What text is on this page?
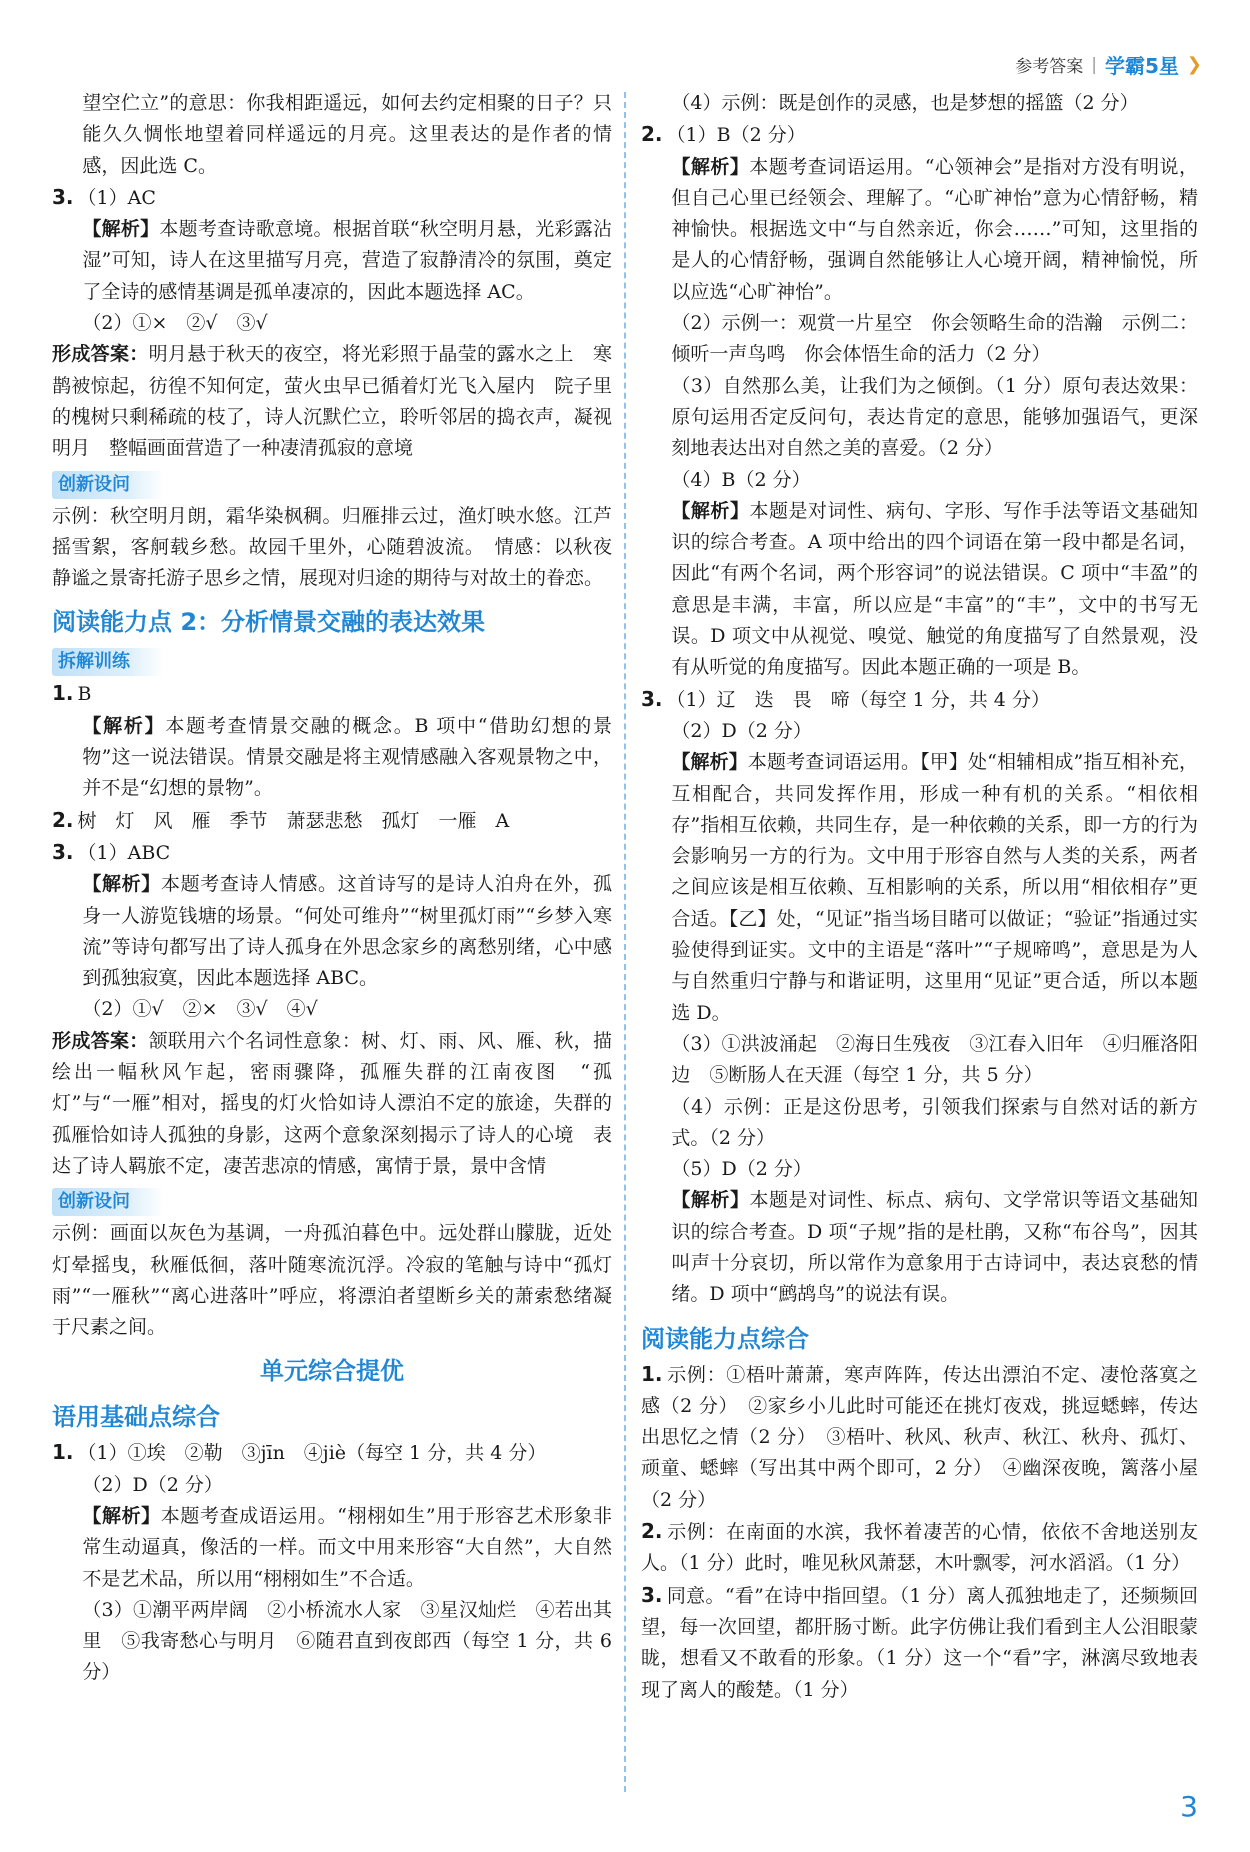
参考答案 | 学霸5星 ❯

望空伫立”的意思：你我相距遥远，如何去约定相聚的日子？只能久久惆怅地望着同样遥远的月亮。这里表达的是作者的情感，因此选 C。

3. （1）AC

【解析】本题考查诗歌意境。根据首联“秋空明月悬，光彩露沾湿”可知，诗人在这里描写月亮，营造了寂静清冷的氛围，奠定了全诗的感情基调是孤单凄凉的，因此本题选择 AC。

（2）①×　②√　③√

形成答案：明月悬于秋天的夜空，将光彩照于晶莹的露水之上　寒鹊被惊起，彷徨不知何定，萤火虫早已循着灯光飞入屋内　院子里的槐树只剩稀疏的枝了，诗人沉默伫立，聆听邻居的捣衣声，凝视明月　整幅画面营造了一种凄清孤寂的意境

创新设问

示例：秋空明月朗，霜华染枫稠。归雁排云过，渔灯映水悠。江芦摇雪絮，客舸载乡愁。故园千里外，心随碧波流。　情感：以秋夜静谧之景寄托游子思乡之情，展现对归途的期待与对故土的眷恋。

阅读能力点 2：分析情景交融的表达效果
拆解训练

1. B

【解析】本题考查情景交融的概念。B 项中“借助幻想的景物”这一说法错误。情景交融是将主观情感融入客观景物之中，并不是“幻想的景物”。

2. 树　灯　风　雁　季节　萧瑟悲愁　孤灯　一雁　A

3. （1）ABC

【解析】本题考查诗人情感。这首诗写的是诗人泊舟在外，孤身一人游览钱塘的场景。“何处可维舟”“树里孤灯雨”“乡梦入寒流”等诗句都写出了诗人孤身在外思念家乡的离愁别绪，心中感到孤独寂寞，因此本题选择 ABC。

（2）①√　②×　③√　④√

形成答案：颔联用六个名词性意象：树、灯、雨、风、雁、秋，描绘出一幅秋风乍起，密雨骤降，孤雁失群的江南夜图　“孤灯”与“一雁”相对，摇曳的灯火恰如诗人漂泊不定的旅途，失群的孤雁恰如诗人孤独的身影，这两个意象深刻揭示了诗人的心境　表达了诗人羁旅不定，凄苦悲凉的情感，寓情于景，景中含情

创新设问

示例：画面以灰色为基调，一舟孤泊暮色中。远处群山朦胧，近处灯晕摇曳，秋雁低徊，落叶随寒流沉浮。冷寂的笔触与诗中“孤灯雨”“一雁秋”“离心进落叶”呼应，将漂泊者望断乡关的萧索愁绪凝于尺素之间。

单元综合提优
语用基础点综合

1. （1）①埃　②勒　③jīn　④jiè（每空 1 分，共 4 分）

（2）D（2 分）

【解析】本题考查成语运用。“栩栩如生”用于形容艺术形象非常生动逼真，像活的一样。而文中用来形容“大自然”，大自然不是艺术品，所以用“栩栩如生”不合适。

（3）①潮平两岸阔　②小桥流水人家　③星汉灿烂　④若出其里　⑤我寄愁心与明月　⑥随君直到夜郎西（每空 1 分，共 6 分）

（4）示例：既是创作的灵感，也是梦想的摇篮（2 分）

2. （1）B（2 分）

【解析】本题考查词语运用。“心领神会”是指对方没有明说，但自己心里已经领会、理解了。“心旷神怡”意为心情舒畅，精神愉快。根据选文中“与自然亲近，你会……”可知，这里指的是人的心情舒畅，强调自然能够让人心境开阔，精神愉悦，所以应选“心旷神怡”。

（2）示例一：观赏一片星空　你会领略生命的浩瀚　示例二：倾听一声鸟鸣　你会体悟生命的活力（2 分）

（3）自然那么美，让我们为之倾倒。（1 分）原句表达效果：原句运用否定反问句，表达肯定的意思，能够加强语气，更深刻地表达出对自然之美的喜爱。（2 分）

（4）B（2 分）

【解析】本题是对词性、病句、字形、写作手法等语文基础知识的综合考查。A 项中给出的四个词语在第一段中都是名词，因此“有两个名词，两个形容词”的说法错误。C 项中“丰盈”的意思是丰满，丰富，所以应是“丰富”的“丰”，文中的书写无误。D 项文中从视觉、嗅觉、触觉的角度描写了自然景观，没有从听觉的角度描写。因此本题正确的一项是 B。

3. （1）辽　迭　畏　啼（每空 1 分，共 4 分）

（2）D（2 分）

【解析】本题考查词语运用。【甲】处“相辅相成”指互相补充，互相配合，共同发挥作用，形成一种有机的关系。“相依相存”指相互依赖，共同生存，是一种依赖的关系，即一方的行为会影响另一方的行为。文中用于形容自然与人类的关系，两者之间应该是相互依赖、互相影响的关系，所以用“相依相存”更合适。【乙】处，“见证”指当场目睹可以做证；“验证”指通过实验使得到证实。文中的主语是“落叶”“子规啼鸣”，意思是为人与自然重归宁静与和谐证明，这里用“见证”更合适，所以本题选 D。

（3）①洪波涌起　②海日生残夜　③江春入旧年　④归雁洛阳边　⑤断肠人在天涯（每空 1 分，共 5 分）

（4）示例：正是这份思考，引领我们探索与自然对话的新方式。（2 分）

（5）D（2 分）

【解析】本题是对词性、标点、病句、文学常识等语文基础知识的综合考查。D 项“子规”指的是杜鹃，又称“布谷鸟”，因其叫声十分哀切，所以常作为意象用于古诗词中，表达哀愁的情绪。D 项中“鹧鸪鸟”的说法有误。

阅读能力点综合

1. 示例：①梧叶萧萧，寒声阵阵，传达出漂泊不定、凄怆落寞之感（2 分）　②家乡小儿此时可能还在挑灯夜戏，挑逗蟋蟀，传达出思忆之情（2 分）　③梧叶、秋风、秋声、秋江、秋舟、孤灯、顽童、蟋蟀（写出其中两个即可，2 分）　④幽深夜晚，篱落小屋（2 分）

2. 示例：在南面的水滨，我怀着凄苦的心情，依依不舍地送别友人。（1 分）此时，唯见秋风萧瑟，木叶飘零，河水滔滔。（1 分）

3. 同意。“看”在诗中指回望。（1 分）离人孤独地走了，还频频回望，每一次回望，都肝肠寸断。此字仿佛让我们看到主人公泪眼蒙眬，想看又不敢看的形象。（1 分）这一个“看”字，淋漓尽致地表现了离人的酸楚。（1 分）

3
